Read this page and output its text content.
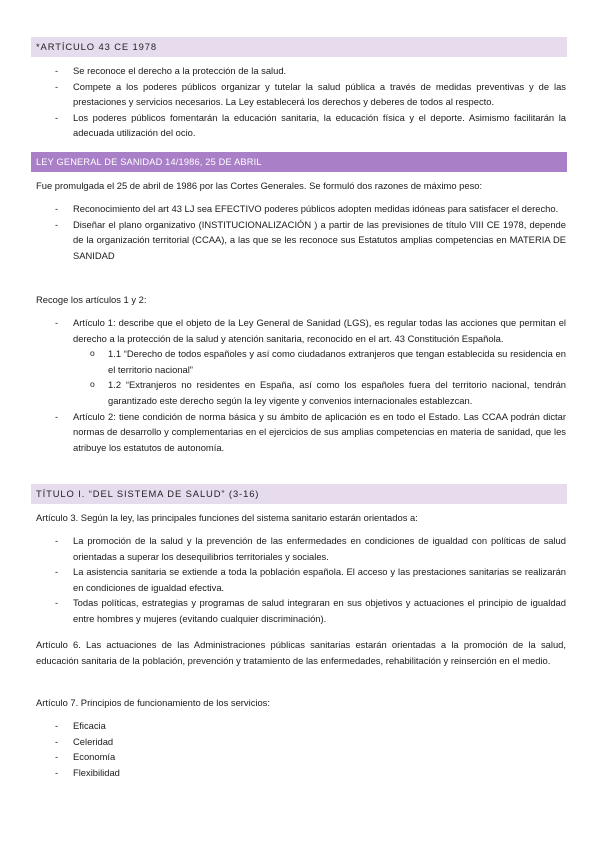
*ARTÍCULO 43 CE 1978
- Se reconoce el derecho a la protección de la salud.
- Compete a los poderes públicos organizar y tutelar la salud pública a través de medidas preventivas y de las prestaciones y servicios necesarios. La Ley establecerá los derechos y deberes de todos al respecto.
- Los poderes públicos fomentarán la educación sanitaria, la educación física y el deporte. Asimismo facilitarán la adecuada utilización del ocio.
LEY GENERAL DE SANIDAD 14/1986, 25 DE ABRIL
Fue promulgada el 25 de abril de 1986 por las Cortes Generales. Se formuló dos razones de máximo peso:
- Reconocimiento del art 43 LJ sea EFECTIVO poderes públicos adopten medidas idóneas para satisfacer el derecho.
- Diseñar el plano organizativo (INSTITUCIONALIZACIÓN ) a partir de las previsiones de título VIII CE 1978, depende de la organización territorial (CCAA), a las que se les reconoce sus Estatutos amplias competencias en MATERIA DE SANIDAD
Recoge los artículos 1 y 2:
- Artículo 1: describe que el objeto de la Ley General de Sanidad (LGS), es regular todas las acciones que permitan el derecho a la protección de la salud y atención sanitaria, reconocido en el art. 43 Constitución Española.
o 1.1 “Derecho de todos españoles y así como ciudadanos extranjeros que tengan establecida su residencia en el territorio nacional”
o 1.2 “Extranjeros no residentes en España, así como los españoles fuera del territorio nacional, tendrán garantizado este derecho según la ley vigente y convenios internacionales establezcan.
- Artículo 2: tiene condición de norma básica y su ámbito de aplicación es en todo el Estado. Las CCAA podrán dictar normas de desarrollo y complementarias en el ejercicios de sus amplias competencias en materia de sanidad, que les atribuye los estatutos de autonomía.
TÍTULO I. “DEL SISTEMA DE SALUD” (3-16)
Artículo 3. Según la ley, las principales funciones del sistema sanitario estarán orientados a:
- La promoción de la salud y la prevención de las enfermedades en condiciones de igualdad con políticas de salud orientadas a superar los desequilibrios territoriales y sociales.
- La asistencia sanitaria se extiende a toda la población española. El acceso y las prestaciones sanitarias se realizarán en condiciones de igualdad efectiva.
- Todas políticas, estrategias y programas de salud integraran en sus objetivos y actuaciones el principio de igualdad entre hombres y mujeres (evitando cualquier discriminación).
Artículo 6. Las actuaciones de las Administraciones públicas sanitarias estarán orientadas a la promoción de la salud, educación sanitaria de la población, prevención y tratamiento de las enfermedades, rehabilitación y reinserción en el medio.
Artículo 7. Principios de funcionamiento de los servicios:
- Eficacia
- Celeridad
- Economía
- Flexibilidad
